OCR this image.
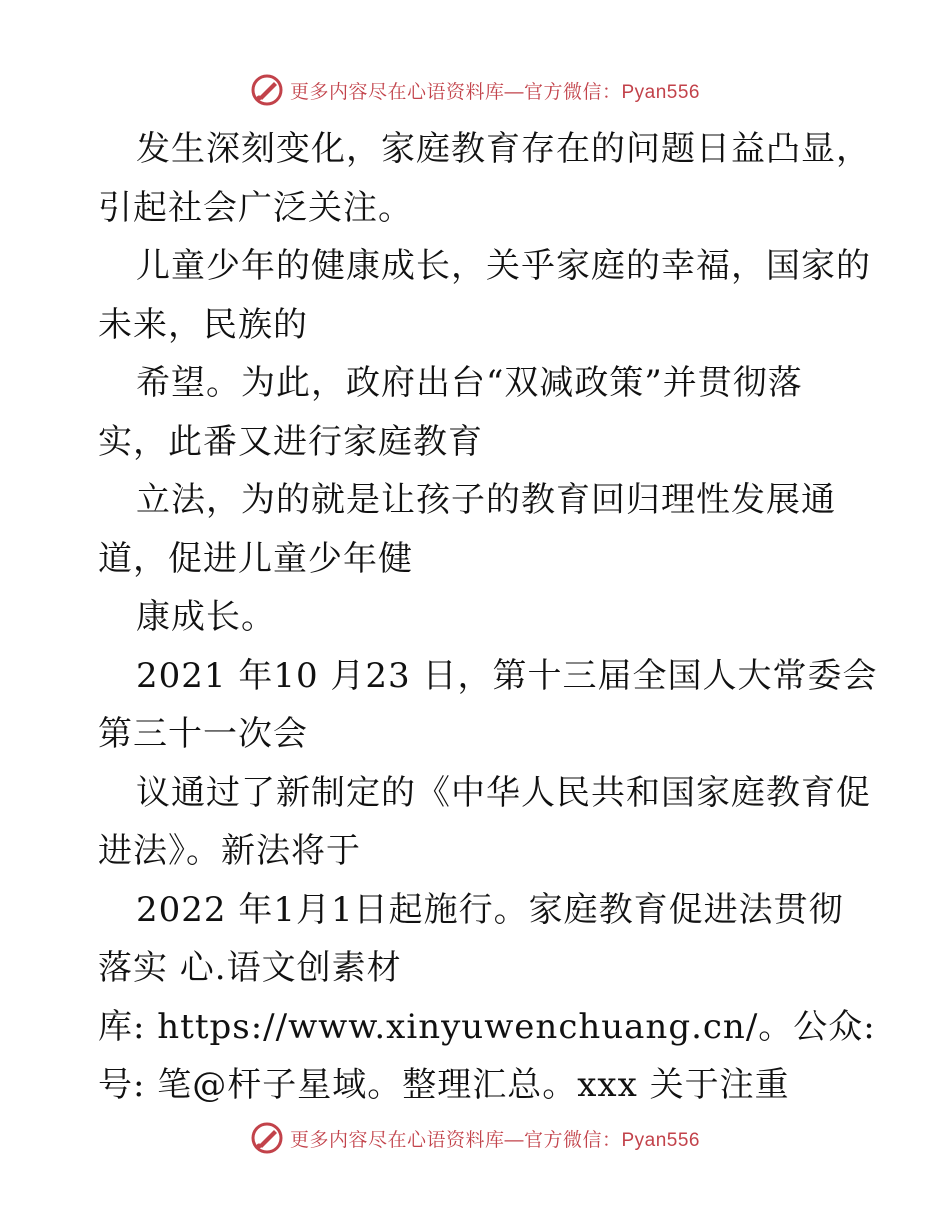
更多内容尽在心语资料库—官方微信：Pyan556
发生深刻变化，家庭教育存在的问题日益凸显，
引起社会广泛关注。
儿童少年的健康成长，关乎家庭的幸福，国家的
未来，民族的
希望。为此，政府出台“双减政策”并贯彻落
实，此番又进行家庭教育
立法，为的就是让孩子的教育回归理性发展通
道，促进儿童少年健
康成长。
2021 年10 月23 日，第十三届全国人大常委会
第三十一次会
议通过了新制定的《中华人民共和国家庭教育促
进法》。新法将于
2022 年1月1日起施行。家庭教育促进法贯彻
落实 心.语文创素材
库: https://www.xinyuwenchuang.cn/。公众:
号: 笔@杆子星域。整理汇总。xxx 关于注重
更多内容尽在心语资料库—官方微信：Pyan556
